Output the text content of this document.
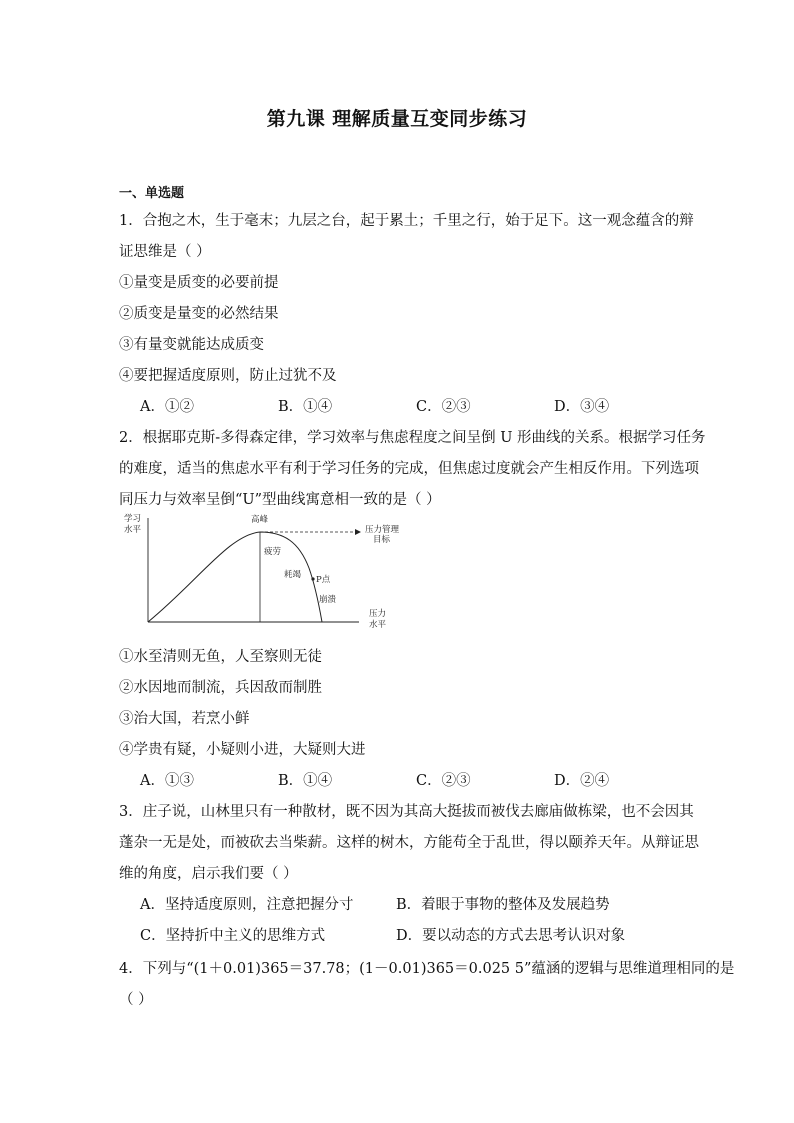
第九课 理解质量互变同步练习
一、单选题
1．合抱之木，生于毫末；九层之台，起于累土；千里之行，始于足下。这一观念蕴含的辩
证思维是（ ）
①量变是质变的必要前提
②质变是量变的必然结果
③有量变就能达成质变
④要把握适度原则，防止过犹不及
A．①②	B．①④	C．②③	D．③④
2．根据耶克斯-多得森定律，学习效率与焦虑程度之间呈倒 U 形曲线的关系。根据学习任务
的难度，适当的焦虑水平有利于学习任务的完成，但焦虑过度就会产生相反作用。下列选项
同压力与效率呈倒“U”型曲线寓意相一致的是（ ）
学习
水平
高峰
压力管理
目标
疲劳
耗竭 P点
崩溃
压力
水平
①水至清则无鱼，人至察则无徒
②水因地而制流，兵因敌而制胜
③治大国，若烹小鲜
④学贵有疑，小疑则小进，大疑则大进
A．①③	B．①④	C．②③	D．②④
3．庄子说，山林里只有一种散材，既不因为其高大挺拔而被伐去廊庙做栋梁，也不会因其
蓬杂一无是处，而被砍去当柴薪。这样的树木，方能苟全于乱世，得以颐养天年。从辩证思
维的角度，启示我们要（ ）
A．坚持适度原则，注意把握分寸	B．着眼于事物的整体及发展趋势
C．坚持折中主义的思维方式	D．要以动态的方式去思考认识对象
4．下列与“(1＋0.01)365＝37.78；(1－0.01)365＝0.025 5”蕴涵的逻辑与思维道理相同的是
（ ）
